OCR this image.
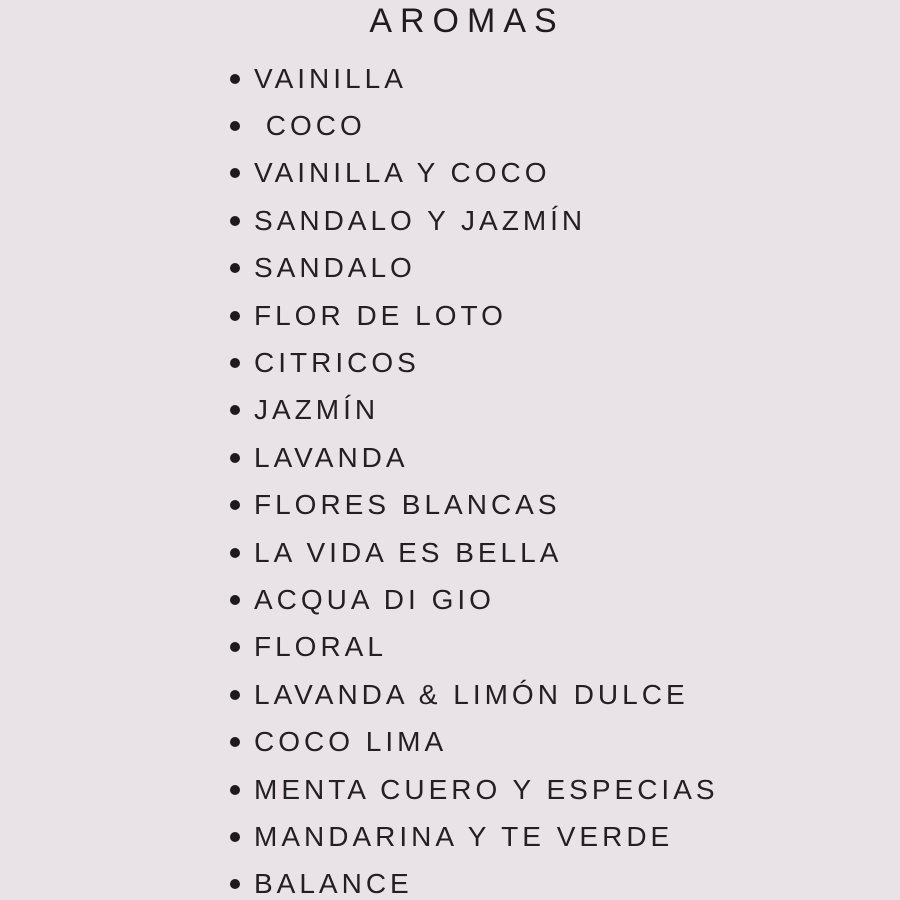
AROMAS
VAINILLA
COCO
VAINILLA Y COCO
SANDALO Y JAZMÍN
SANDALO
FLOR DE LOTO
CITRICOS
JAZMÍN
LAVANDA
FLORES BLANCAS
LA VIDA ES BELLA
ACQUA DI GIO
FLORAL
LAVANDA & LIMÓN DULCE
COCO LIMA
MENTA CUERO Y ESPECIAS
MANDARINA Y TE VERDE
BALANCE
